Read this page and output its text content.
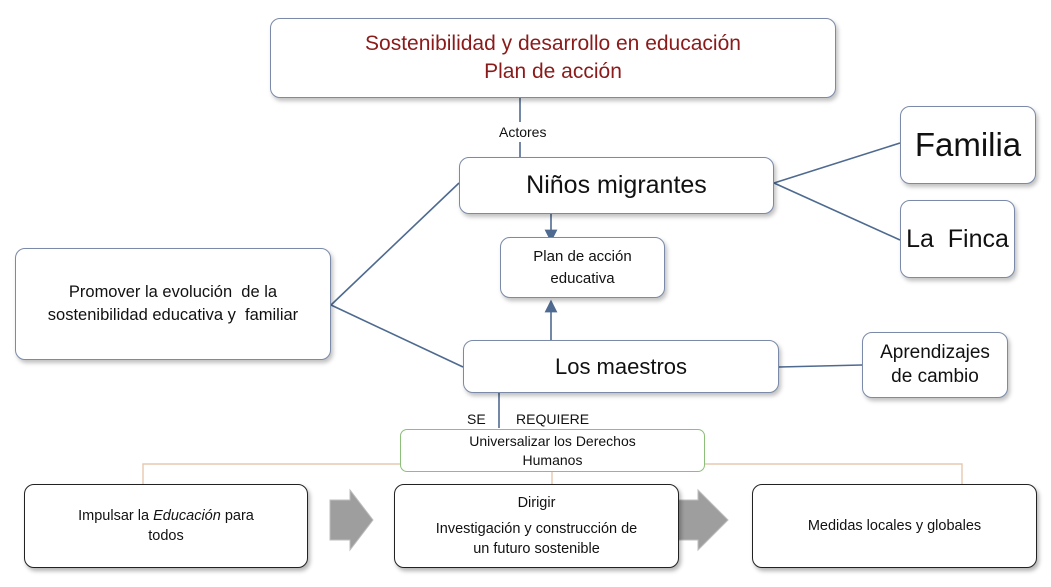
Sostenibilidad y desarrollo en educación
Plan de acción
Actores
Niños migrantes
Familia
La  Finca
Plan de acción
educativa
Promover la evolución  de la
sostenibilidad educativa y  familiar
Los maestros
Aprendizajes
de cambio
SE REQUIERE
Universalizar los Derechos
Humanos
Impulsar la Educación para
todos
Dirigir
Investigación y construcción de
un futuro sostenible
Medidas locales y globales
